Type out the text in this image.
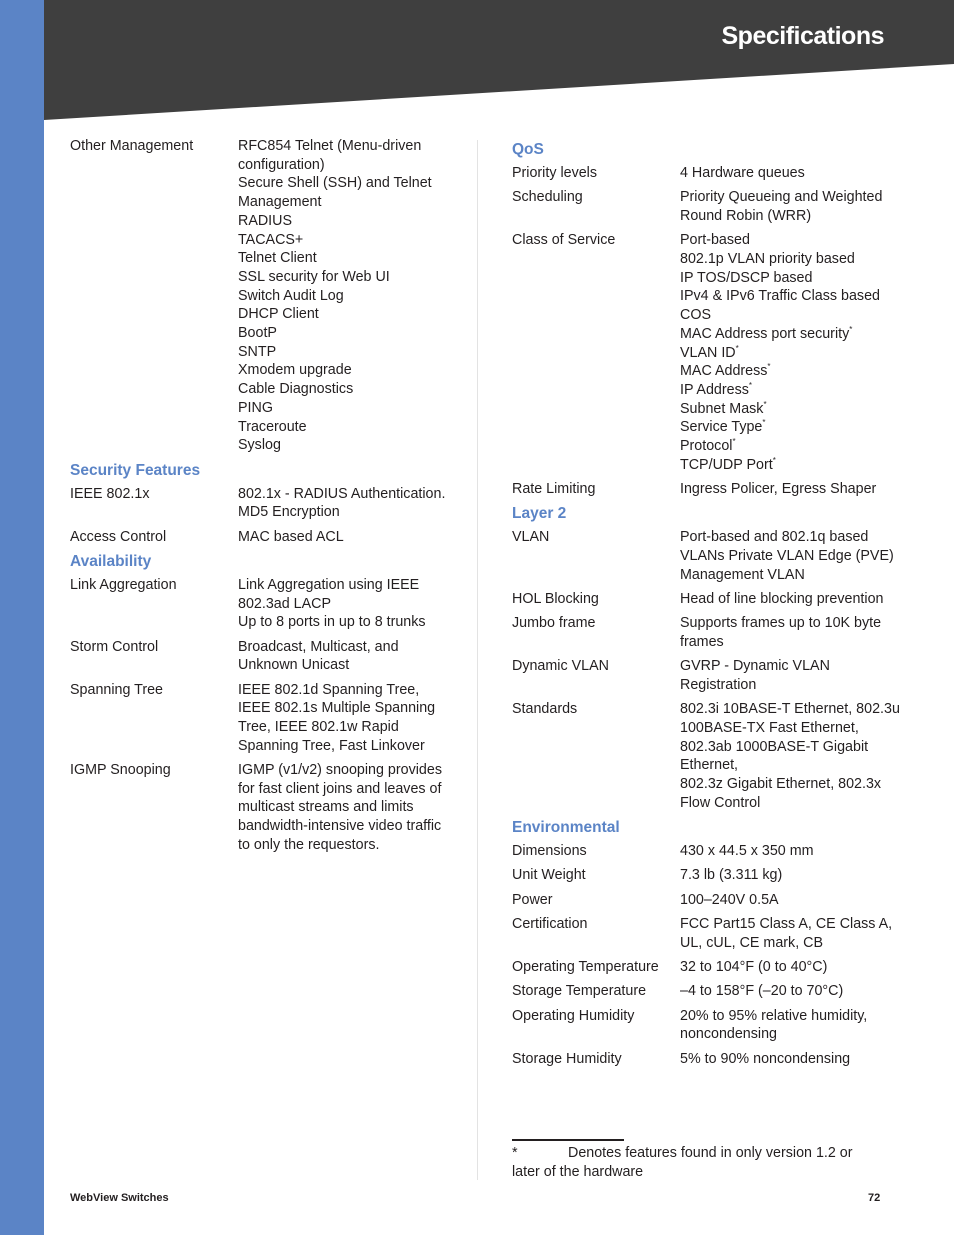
Specifications
Other Management	RFC854 Telnet (Menu-driven configuration)
Secure Shell (SSH) and Telnet Management
RADIUS
TACACS+
Telnet Client
SSL security for Web UI
Switch Audit Log
DHCP Client
BootP
SNTP
Xmodem upgrade
Cable Diagnostics
PING
Traceroute
Syslog
Security Features
IEEE 802.1x	802.1x - RADIUS Authentication. MD5 Encryption
Access Control	MAC based ACL
Availability
Link Aggregation	Link Aggregation using IEEE 802.3ad LACP
Up to 8 ports in up to 8 trunks
Storm Control	Broadcast, Multicast, and Unknown Unicast
Spanning Tree	IEEE 802.1d Spanning Tree, IEEE 802.1s Multiple Spanning Tree, IEEE 802.1w Rapid Spanning Tree, Fast Linkover
IGMP Snooping	IGMP (v1/v2) snooping provides for fast client joins and leaves of multicast streams and limits
bandwidth-intensive video traffic to only the requestors.
QoS
Priority levels	4 Hardware queues
Scheduling	Priority Queueing and Weighted Round Robin (WRR)
Class of Service	Port-based
802.1p VLAN priority based
IP TOS/DSCP based
IPv4 & IPv6 Traffic Class based
COS
MAC Address port security*
VLAN ID*
MAC Address*
IP Address*
Subnet Mask*
Service Type*
Protocol*
TCP/UDP Port*
Rate Limiting	Ingress Policer, Egress Shaper
Layer 2
VLAN	Port-based and 802.1q based VLANs Private VLAN Edge (PVE) Management VLAN
HOL Blocking	Head of line blocking prevention
Jumbo frame	Supports frames up to 10K byte frames
Dynamic VLAN	GVRP - Dynamic VLAN Registration
Standards	802.3i 10BASE-T Ethernet, 802.3u 100BASE-TX Fast Ethernet, 802.3ab 1000BASE-T Gigabit Ethernet,
802.3z Gigabit Ethernet, 802.3x Flow Control
Environmental
Dimensions	430 x 44.5 x 350 mm
Unit Weight	7.3 lb (3.311 kg)
Power	100–240V 0.5A
Certification	FCC Part15 Class A, CE Class A, UL, cUL, CE mark, CB
Operating Temperature	32 to 104°F (0 to 40°C)
Storage Temperature	–4 to 158°F (–20 to 70°C)
Operating Humidity	20% to 95% relative humidity, noncondensing
Storage Humidity	5% to 90% noncondensing
*	Denotes features found in only version 1.2 or later of the hardware
WebView Switches	72
